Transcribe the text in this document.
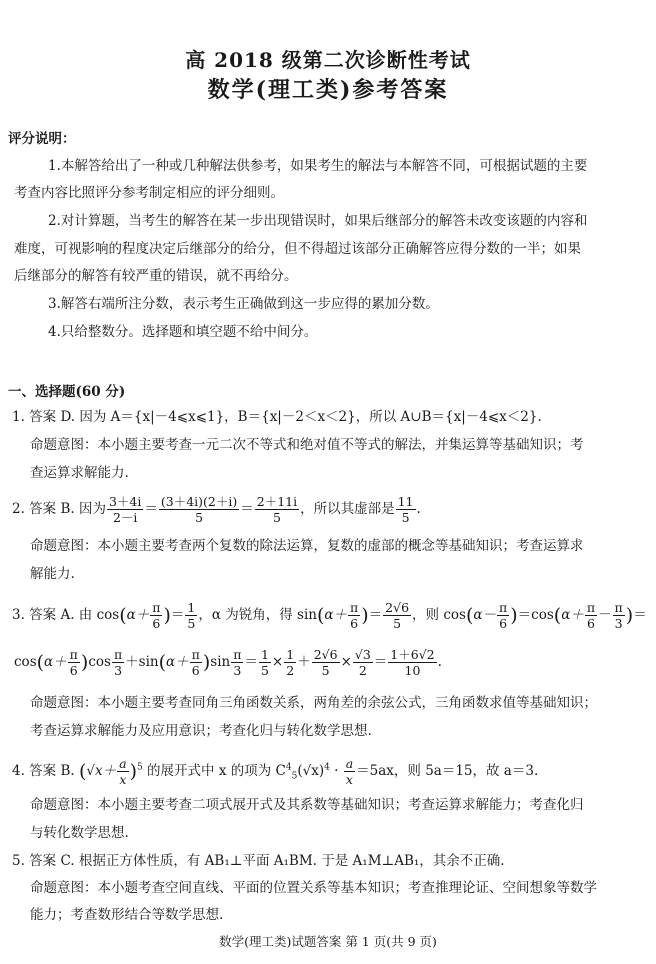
高 2018 级第二次诊断性考试
数学(理工类)参考答案
评分说明：
1.本解答给出了一种或几种解法供参考，如果考生的解法与本解答不同，可根据试题的主要
考查内容比照评分参考制定相应的评分细则。
2.对计算题，当考生的解答在某一步出现错误时，如果后继部分的解答未改变该题的内容和
难度，可视影响的程度决定后继部分的给分，但不得超过该部分正确解答应得分数的一半；如果
后继部分的解答有较严重的错误，就不再给分。
3.解答右端所注分数，表示考生正确做到这一步应得的累加分数。
4.只给整数分。选择题和填空题不给中间分。
一、选择题(60 分)
1. 答案 D. 因为 A＝{x|－4⩽x⩽1}，B＝{x|－2＜x＜2}，所以 A∪B＝{x|－4⩽x＜2}.
命题意图：本小题主要考查一元二次不等式和绝对值不等式的解法，并集运算等基础知识；考
查运算求解能力.
2. 答案 B. 因为 $\frac{3+4i}{2-i} = \frac{(3+4i)(2+i)}{5} = \frac{2+11i}{5}$ ，所以其虚部是 $\frac{11}{5}$ .
命题意图：本小题主要考查两个复数的除法运算，复数的虚部的概念等基础知识；考查运算求
解能力.
3. 答案 A. 由 $\cos(\alpha+ \frac{\pi}{6}$ )＝ $\frac{1}{5}$ ，α 为锐角，得 $\sin(\alpha+ \frac{\pi}{6}$ )＝ $\frac{2√6}{5}$ ，则 $\cos(\alpha- \frac{\pi}{6} )=\cos(\alpha+ \frac{\pi}{6} - \frac{\pi}{3}$ )＝
$\cos(\alpha+ \frac{\pi}{6} )\cos \frac{\pi}{3} +\sin(\alpha+ \frac{\pi}{6} )\sin \frac{\pi}{3} = \frac{1}{5} \times \frac{1}{2} + \frac{2√6}{5} \times \frac{√3}{2} = \frac{1+6√2}{10}$ .
命题意图：本小题主要考查同角三角函数关系，两角差的余弦公式，三角函数求值等基础知识；
考查运算求解能力及应用意识；考查化归与转化数学思想.
4. 答案 B. $(√x+ \frac{a}{x} )^5$ 的展开式中 x 的项为 $C^4_5(√x)^4 \cdot \frac{a}{x} =5ax$，则 5a＝15，故 a＝3.
命题意图：本小题主要考查二项式展开式及其系数等基础知识；考查运算求解能力；考查化归
与转化数学思想.
5. 答案 C. 根据正方体性质，有 AB₁⊥平面 A₁BM. 于是 A₁M⊥AB₁，其余不正确.
命题意图：本小题考查空间直线、平面的位置关系等基本知识；考查推理论证、空间想象等数学
能力；考查数形结合等数学思想.
数学(理工类)试题答案 第 1 页(共 9 页)
